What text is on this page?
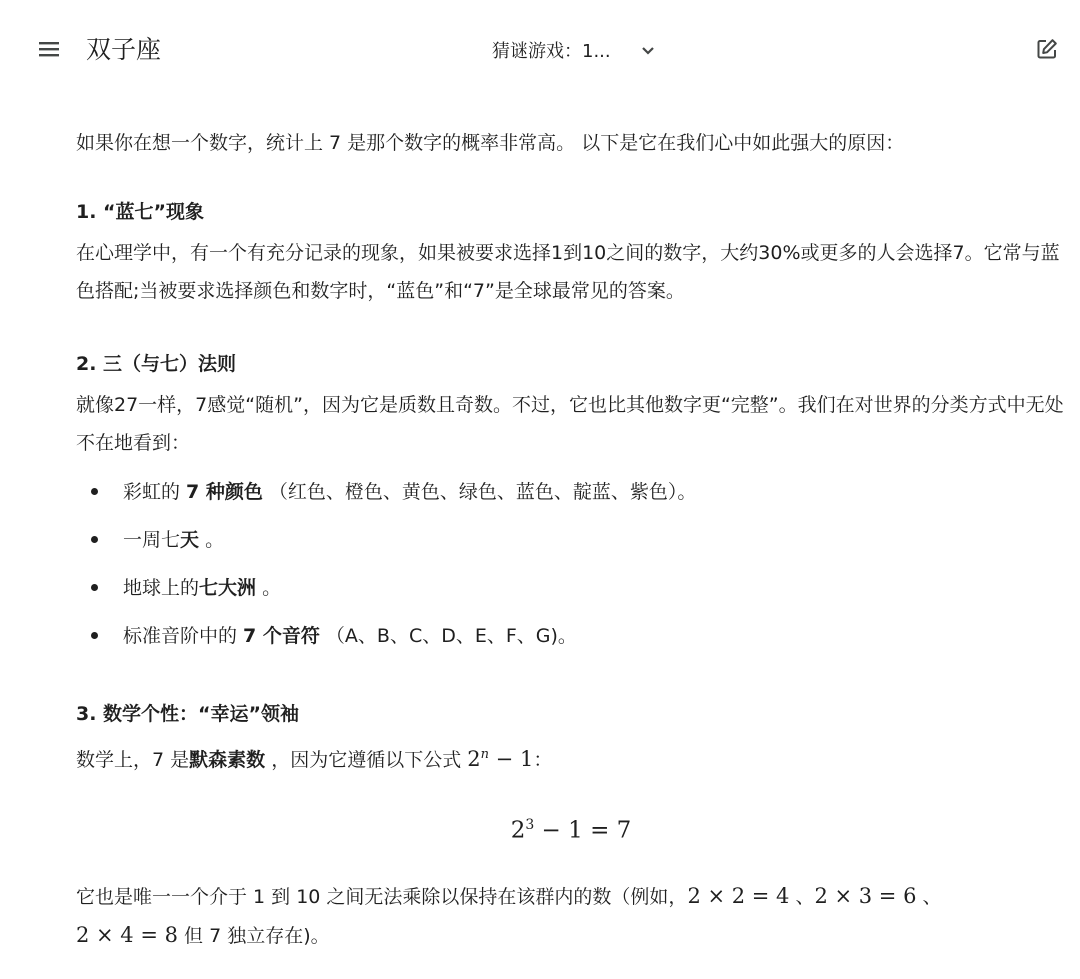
双子座	猜谜游戏：1...

如果你在想一个数字，统计上 7 是那个数字的概率非常高。 以下是它在我们心中如此强大的原因：

1. “蓝七”现象

在心理学中，有一个有充分记录的现象，如果被要求选择1到10之间的数字，大约30%或更多的人会选择7。它常与蓝色搭配;当被要求选择颜色和数字时，“蓝色”和“7”是全球最常见的答案。

2. 三（与七）法则

就像27一样，7感觉“随机”，因为它是质数且奇数。不过，它也比其他数字更“完整”。我们在对世界的分类方式中无处不在地看到：

彩虹的 7 种颜色 （红色、橙色、黄色、绿色、蓝色、靛蓝、紫色）。
一周七天 。
地球上的七大洲 。
标准音阶中的 7 个音符 （A、B、C、D、E、F、G)。

3. 数学个性：“幸运”领袖

数学上，7 是默森素数 ，因为它遵循以下公式 $2^n - 1$：

$2^3 - 1 = 7$

它也是唯一一个介于 1 到 10 之间无法乘除以保持在该群内的数（例如，2 × 2 = 4 、2 × 3 = 6 、
2 × 4 = 8 但 7 独立存在)。
